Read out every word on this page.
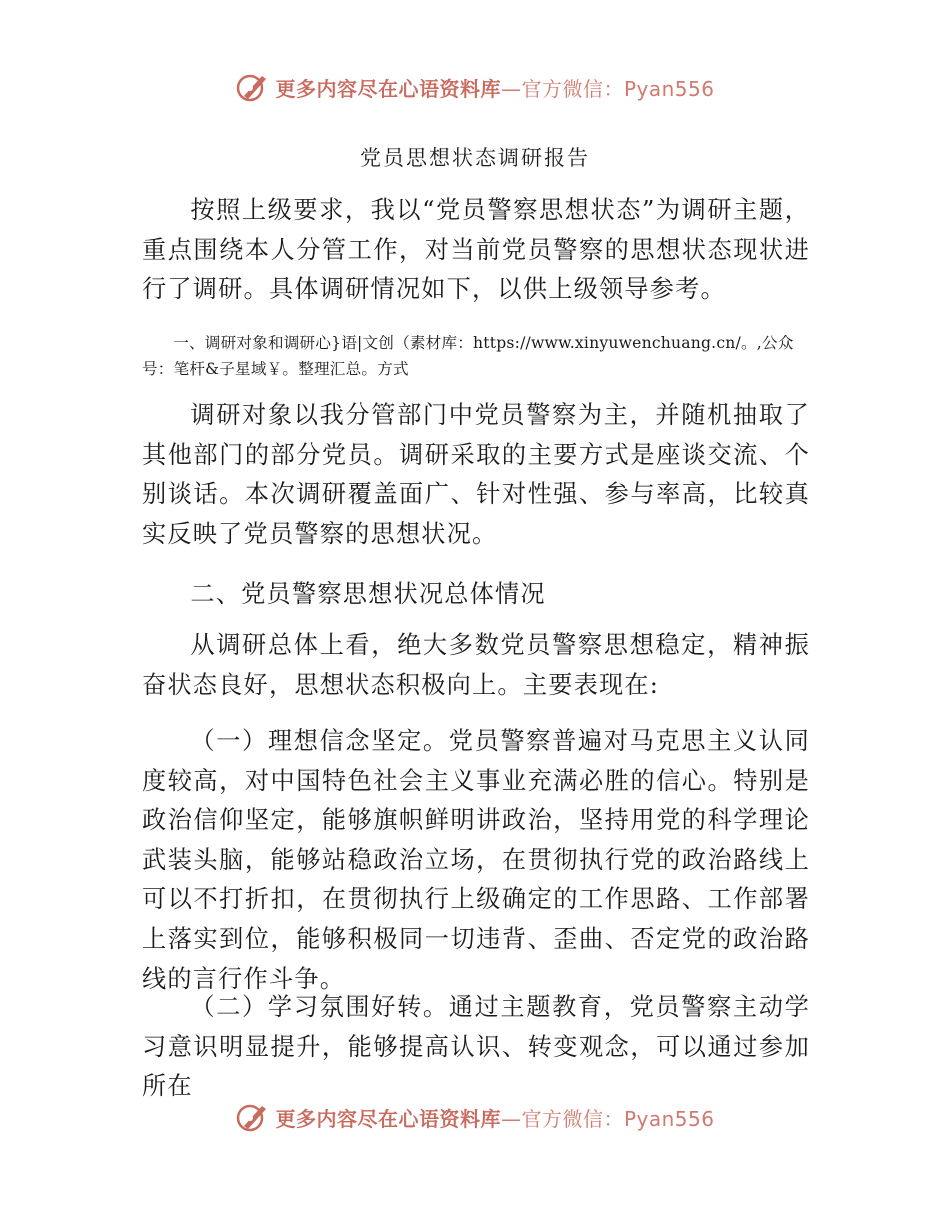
更多内容尽在心语资料库—官方微信：Pyan556
党员思想状态调研报告

按照上级要求，我以“党员警察思想状态”为调研主题，重点围绕本人分管工作，对当前党员警察的思想状态现状进行了调研。具体调研情况如下，以供上级领导参考。

一、调研对象和调研心}语|文创（素材库：https://www.xinyuwenchuang.cn/。,公众号：笔杆&子星域￥。整理汇总。方式

调研对象以我分管部门中党员警察为主，并随机抽取了其他部门的部分党员。调研采取的主要方式是座谈交流、个别谈话。本次调研覆盖面广、针对性强、参与率高，比较真实反映了党员警察的思想状况。

二、党员警察思想状况总体情况

从调研总体上看，绝大多数党员警察思想稳定，精神振奋状态良好，思想状态积极向上。主要表现在:

（一）理想信念坚定。党员警察普遍对马克思主义认同度较高，对中国特色社会主义事业充满必胜的信心。特别是政治信仰坚定，能够旗帜鲜明讲政治，坚持用党的科学理论武装头脑，能够站稳政治立场，在贯彻执行党的政治路线上可以不打折扣，在贯彻执行上级确定的工作思路、工作部署上落实到位，能够积极同一切违背、歪曲、否定党的政治路线的言行作斗争。

（二）学习氛围好转。通过主题教育，党员警察主动学习意识明显提升，能够提高认识、转变观念，可以通过参加所在

更多内容尽在心语资料库—官方微信：Pyan556
